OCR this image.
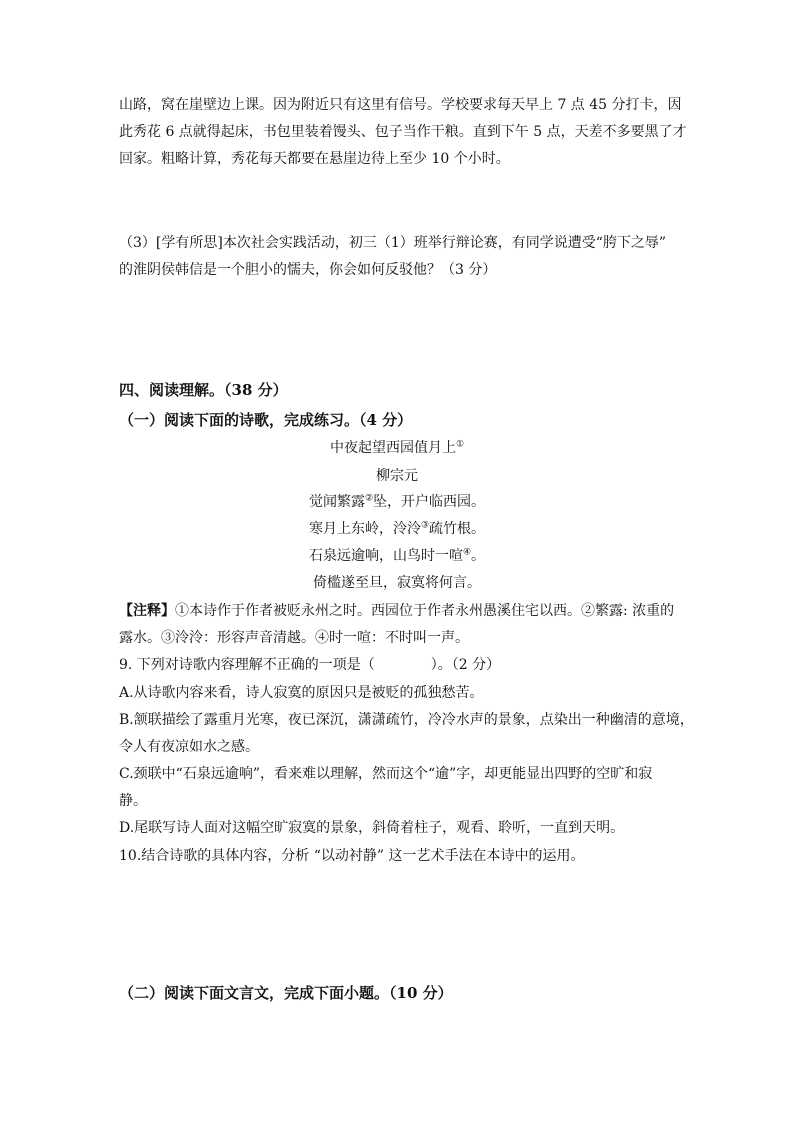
山路，窝在崖壁边上课。因为附近只有这里有信号。学校要求每天早上 7 点 45 分打卡，因
此秀花 6 点就得起床，书包里装着馒头、包子当作干粮。直到下午 5 点，天差不多要黑了才
回家。粗略计算，秀花每天都要在悬崖边待上至少 10 个小时。
（3）[学有所思]本次社会实践活动，初三（1）班举行辩论赛，有同学说遭受“胯下之辱”
的淮阴侯韩信是一个胆小的懦夫，你会如何反驳他？（3 分）
四、阅读理解。（38 分）
（一）阅读下面的诗歌，完成练习。（4 分）
中夜起望西园值月上①
柳宗元
觉闻繁露②坠，开户临西园。
寒月上东岭，泠泠③疏竹根。
石泉远逾响，山鸟时一喧④。
倚槛遂至旦，寂寞将何言。
【注释】①本诗作于作者被贬永州之时。西园位于作者永州愚溪住宅以西。②繁露: 浓重的
露水。③泠泠：形容声音清越。④时一喧：不时叫一声。
9. 下列对诗歌内容理解不正确的一项是（　　　　）。（2 分）
A.从诗歌内容来看，诗人寂寞的原因只是被贬的孤独愁苦。
B.颔联描绘了露重月光寒，夜已深沉，潇潇疏竹，冷冷水声的景象，点染出一种幽清的意境，
令人有夜凉如水之感。
C.颈联中“石泉远逾响”，看来难以理解，然而这个“逾”字，却更能显出四野的空旷和寂
静。
D.尾联写诗人面对这幅空旷寂寞的景象，斜倚着柱子，观看、聆听，一直到天明。
10.结合诗歌的具体内容，分析 “以动衬静” 这一艺术手法在本诗中的运用。
（二）阅读下面文言文，完成下面小题。（10 分）
